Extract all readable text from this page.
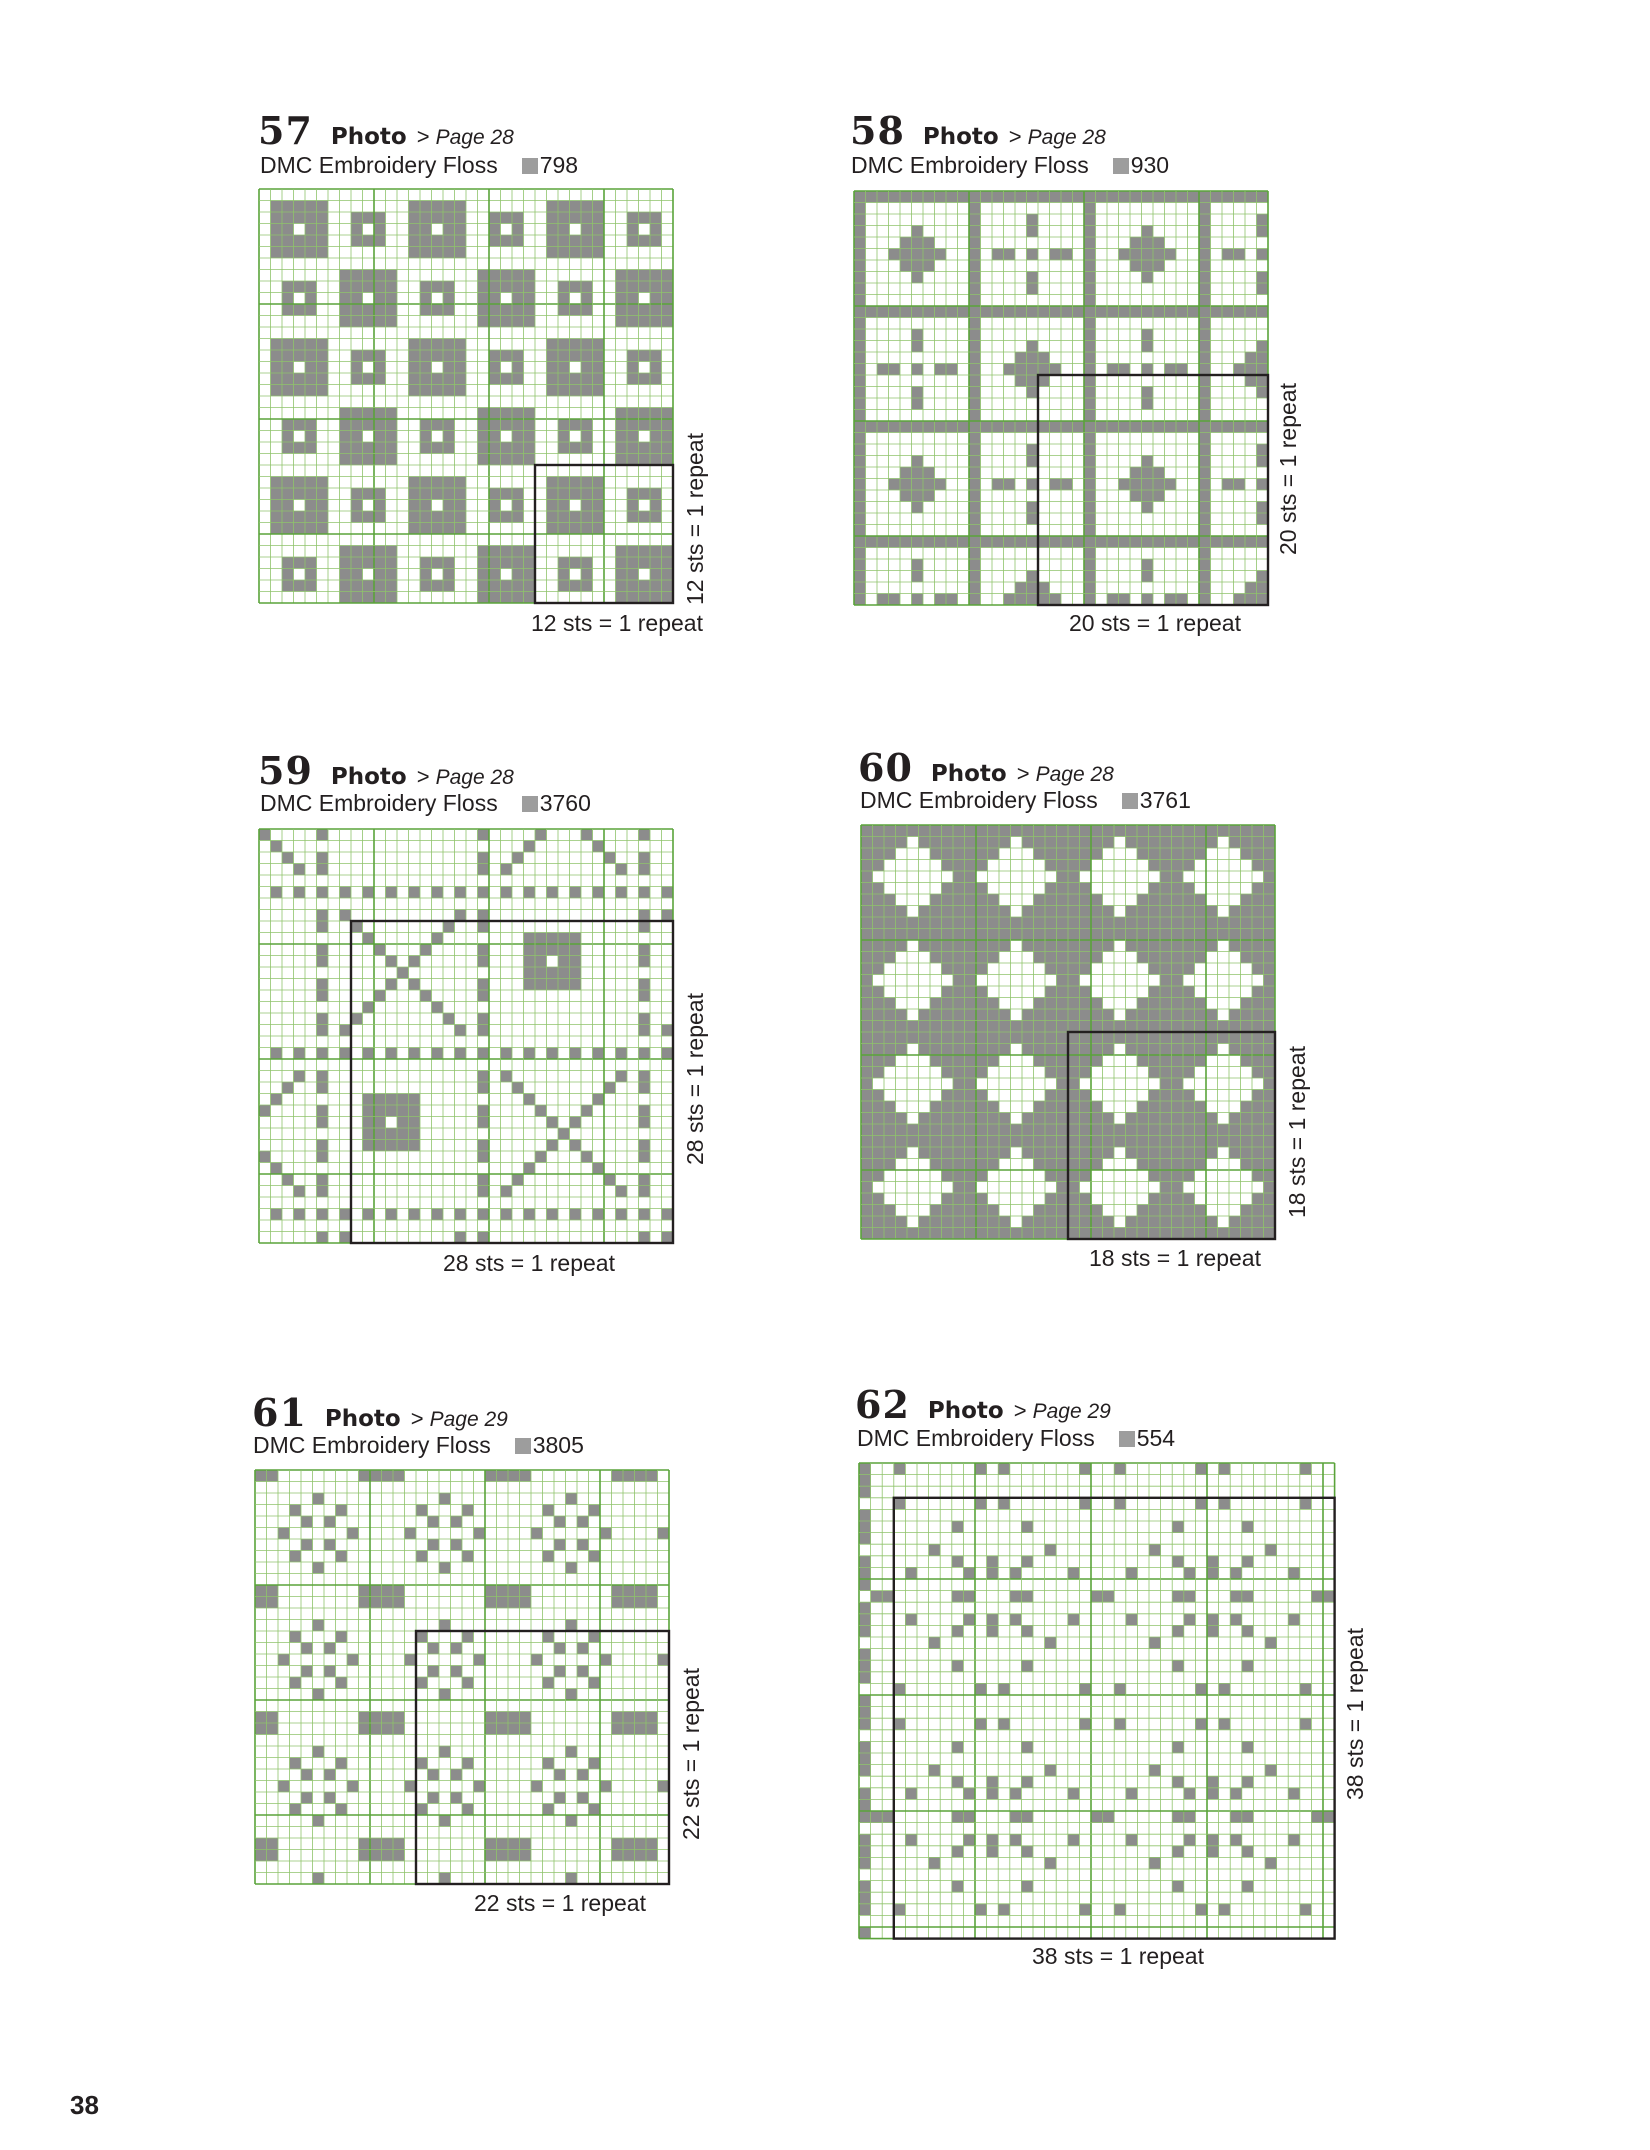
57 Photo > Page 28
DMC Embroidery Floss 798
12 sts = 1 repeat
12 sts = 1 repeat
58 Photo > Page 28
DMC Embroidery Floss 930
20 sts = 1 repeat
20 sts = 1 repeat
59 Photo > Page 28
DMC Embroidery Floss 3760
28 sts = 1 repeat
28 sts = 1 repeat
60 Photo > Page 28
DMC Embroidery Floss 3761
18 sts = 1 repeat
18 sts = 1 repeat
61 Photo > Page 29
DMC Embroidery Floss 3805
22 sts = 1 repeat
22 sts = 1 repeat
62 Photo > Page 29
DMC Embroidery Floss 554
38 sts = 1 repeat
38 sts = 1 repeat
38
